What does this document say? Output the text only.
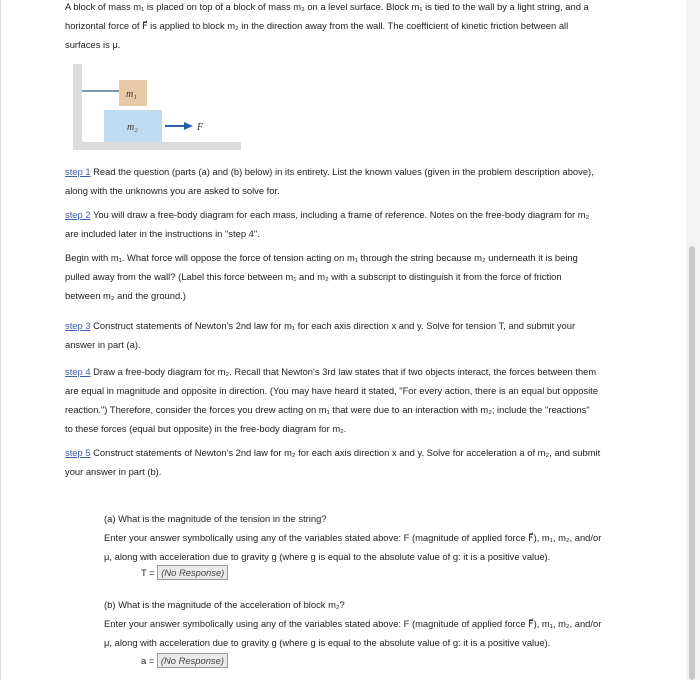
A block of mass m₁ is placed on top of a block of mass m₂ on a level surface. Block m₁ is tied to the wall by a light string, and a
horizontal force of F⃗ is applied to block m₂ in the direction away from the wall. The coefficient of kinetic friction between all
surfaces is μ.
m₁
m₂	F
step 1 Read the question (parts (a) and (b) below) in its entirety. List the known values (given in the problem description above),
along with the unknowns you are asked to solve for.
step 2 You will draw a free-body diagram for each mass, including a frame of reference. Notes on the free-body diagram for m₂
are included later in the instructions in "step 4".
Begin with m₁. What force will oppose the force of tension acting on m₁ through the string because m₂ underneath it is being
pulled away from the wall? (Label this force between m₁ and m₂ with a subscript to distinguish it from the force of friction
between m₂ and the ground.)
step 3 Construct statements of Newton's 2nd law for m₁ for each axis direction x and y. Solve for tension T, and submit your
answer in part (a).
step 4 Draw a free-body diagram for m₂. Recall that Newton's 3rd law states that if two objects interact, the forces between them
are equal in magnitude and opposite in direction. (You may have heard it stated, "For every action, there is an equal but opposite
reaction.") Therefore, consider the forces you drew acting on m₁ that were due to an interaction with m₂; include the "reactions"
to these forces (equal but opposite) in the free-body diagram for m₂.
step 5 Construct statements of Newton's 2nd law for m₂ for each axis direction x and y. Solve for acceleration a of m₂, and submit
your answer in part (b).
(a) What is the magnitude of the tension in the string?
Enter your answer symbolically using any of the variables stated above: F (magnitude of applied force F⃗), m₁, m₂, and/or
μ, along with acceleration due to gravity g (where g is equal to the absolute value of g: it is a positive value).
T = (No Response)
(b) What is the magnitude of the acceleration of block m₂?
Enter your answer symbolically using any of the variables stated above: F (magnitude of applied force F⃗), m₁, m₂, and/or
μ, along with acceleration due to gravity g (where g is equal to the absolute value of g: it is a positive value).
a = (No Response)
